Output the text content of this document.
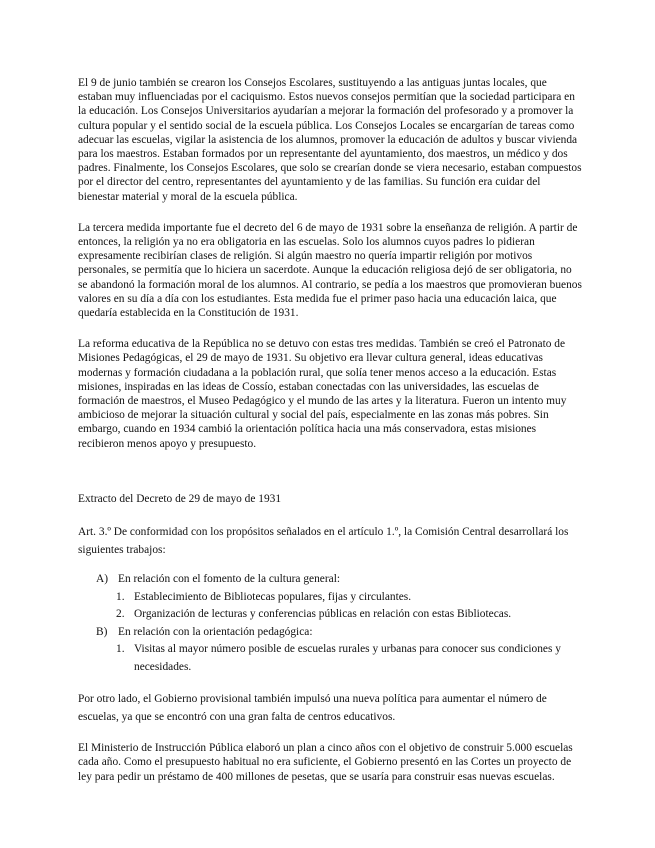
El 9 de junio también se crearon los Consejos Escolares, sustituyendo a las antiguas juntas locales, que estaban muy influenciadas por el caciquismo. Estos nuevos consejos permitían que la sociedad participara en la educación. Los Consejos Universitarios ayudarían a mejorar la formación del profesorado y a promover la cultura popular y el sentido social de la escuela pública. Los Consejos Locales se encargarían de tareas como adecuar las escuelas, vigilar la asistencia de los alumnos, promover la educación de adultos y buscar vivienda para los maestros. Estaban formados por un representante del ayuntamiento, dos maestros, un médico y dos padres. Finalmente, los Consejos Escolares, que solo se crearían donde se viera necesario, estaban compuestos por el director del centro, representantes del ayuntamiento y de las familias. Su función era cuidar del bienestar material y moral de la escuela pública.

La tercera medida importante fue el decreto del 6 de mayo de 1931 sobre la enseñanza de religión. A partir de entonces, la religión ya no era obligatoria en las escuelas. Solo los alumnos cuyos padres lo pidieran expresamente recibirían clases de religión. Si algún maestro no quería impartir religión por motivos personales, se permitía que lo hiciera un sacerdote. Aunque la educación religiosa dejó de ser obligatoria, no se abandonó la formación moral de los alumnos. Al contrario, se pedía a los maestros que promovieran buenos valores en su día a día con los estudiantes. Esta medida fue el primer paso hacia una educación laica, que quedaría establecida en la Constitución de 1931.

La reforma educativa de la República no se detuvo con estas tres medidas. También se creó el Patronato de Misiones Pedagógicas, el 29 de mayo de 1931. Su objetivo era llevar cultura general, ideas educativas modernas y formación ciudadana a la población rural, que solía tener menos acceso a la educación. Estas misiones, inspiradas en las ideas de Cossío, estaban conectadas con las universidades, las escuelas de formación de maestros, el Museo Pedagógico y el mundo de las artes y la literatura. Fueron un intento muy ambicioso de mejorar la situación cultural y social del país, especialmente en las zonas más pobres. Sin embargo, cuando en 1934 cambió la orientación política hacia una más conservadora, estas misiones recibieron menos apoyo y presupuesto.

Extracto del Decreto de 29 de mayo de 1931

Art. 3.º De conformidad con los propósitos señalados en el artículo 1.º, la Comisión Central desarrollará los siguientes trabajos:

A) En relación con el fomento de la cultura general:
1. Establecimiento de Bibliotecas populares, fijas y circulantes.
2. Organización de lecturas y conferencias públicas en relación con estas Bibliotecas.
B) En relación con la orientación pedagógica:
1. Visitas al mayor número posible de escuelas rurales y urbanas para conocer sus condiciones y necesidades.

Por otro lado, el Gobierno provisional también impulsó una nueva política para aumentar el número de escuelas, ya que se encontró con una gran falta de centros educativos.

El Ministerio de Instrucción Pública elaboró un plan a cinco años con el objetivo de construir 5.000 escuelas cada año. Como el presupuesto habitual no era suficiente, el Gobierno presentó en las Cortes un proyecto de ley para pedir un préstamo de 400 millones de pesetas, que se usaría para construir esas nuevas escuelas.
